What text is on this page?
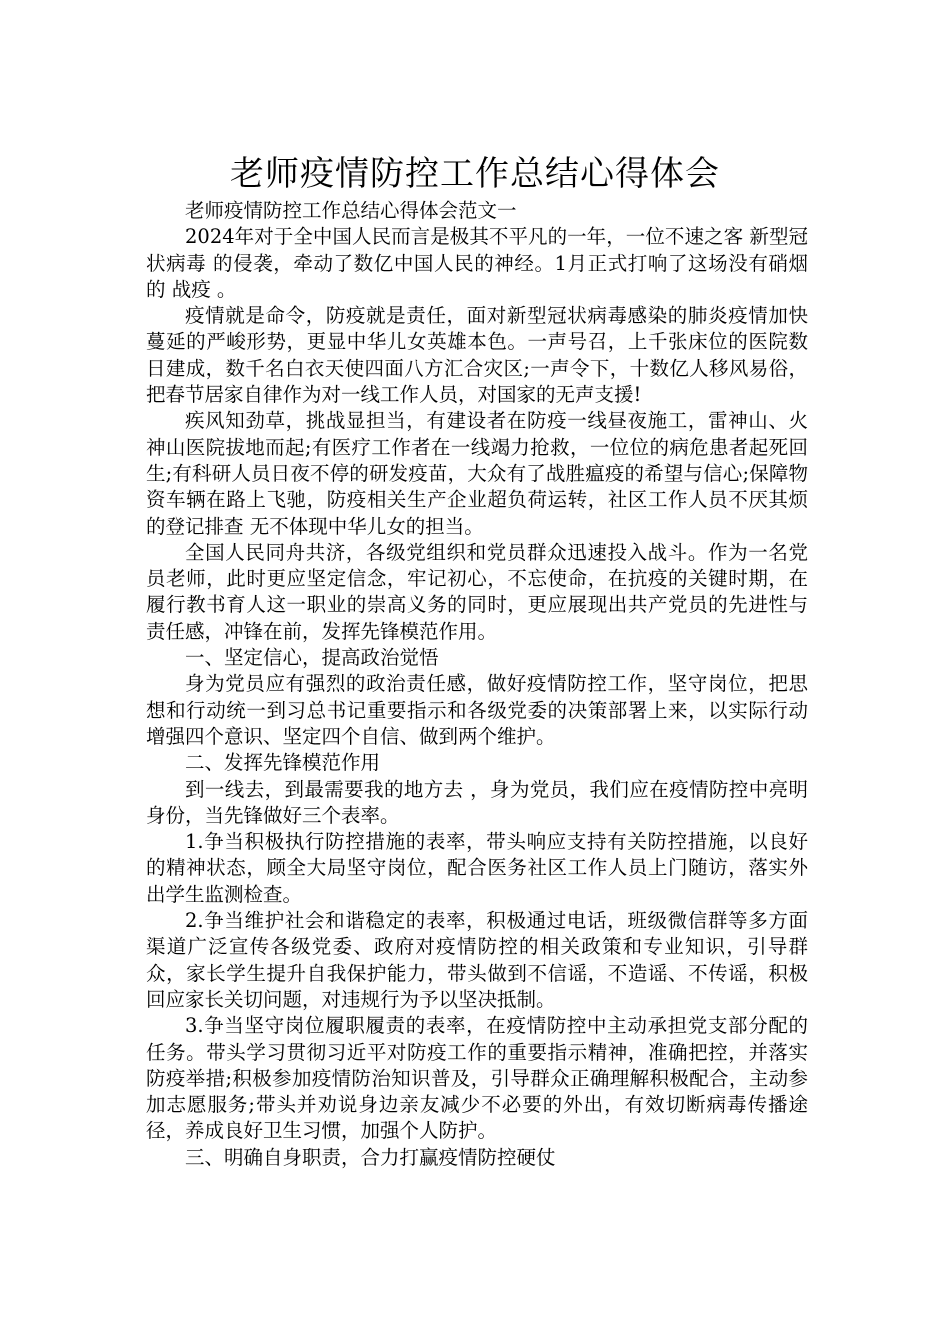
老师疫情防控工作总结心得体会

老师疫情防控工作总结心得体会范文一

2024年对于全中国人民而言是极其不平凡的一年，一位不速之客 新型冠状病毒 的侵袭，牵动了数亿中国人民的神经。1月正式打响了这场没有硝烟的 战疫 。

疫情就是命令，防疫就是责任，面对新型冠状病毒感染的肺炎疫情加快蔓延的严峻形势，更显中华儿女英雄本色。一声号召，上千张床位的医院数日建成，数千名白衣天使四面八方汇合灾区;一声令下，十数亿人移风易俗，把春节居家自律作为对一线工作人员，对国家的无声支援!

疾风知劲草，挑战显担当，有建设者在防疫一线昼夜施工，雷神山、火神山医院拔地而起;有医疗工作者在一线竭力抢救，一位位的病危患者起死回生;有科研人员日夜不停的研发疫苗，大众有了战胜瘟疫的希望与信心;保障物资车辆在路上飞驰，防疫相关生产企业超负荷运转，社区工作人员不厌其烦的登记排查 无不体现中华儿女的担当。

全国人民同舟共济，各级党组织和党员群众迅速投入战斗。作为一名党员老师，此时更应坚定信念，牢记初心，不忘使命，在抗疫的关键时期，在履行教书育人这一职业的崇高义务的同时，更应展现出共产党员的先进性与责任感，冲锋在前，发挥先锋模范作用。

一、坚定信心，提高政治觉悟

身为党员应有强烈的政治责任感，做好疫情防控工作，坚守岗位，把思想和行动统一到习总书记重要指示和各级党委的决策部署上来，以实际行动增强四个意识、坚定四个自信、做到两个维护。

二、发挥先锋模范作用

到一线去，到最需要我的地方去 ，身为党员，我们应在疫情防控中亮明身份，当先锋做好三个表率。

1.争当积极执行防控措施的表率，带头响应支持有关防控措施，以良好的精神状态，顾全大局坚守岗位，配合医务社区工作人员上门随访，落实外出学生监测检查。

2.争当维护社会和谐稳定的表率，积极通过电话，班级微信群等多方面渠道广泛宣传各级党委、政府对疫情防控的相关政策和专业知识，引导群众，家长学生提升自我保护能力，带头做到不信谣，不造谣、不传谣，积极回应家长关切问题，对违规行为予以坚决抵制。

3.争当坚守岗位履职履责的表率，在疫情防控中主动承担党支部分配的任务。带头学习贯彻习近平对防疫工作的重要指示精神，准确把控，并落实防疫举措;积极参加疫情防治知识普及，引导群众正确理解积极配合，主动参加志愿服务;带头并劝说身边亲友减少不必要的外出，有效切断病毒传播途径，养成良好卫生习惯，加强个人防护。

三、明确自身职责，合力打赢疫情防控硬仗
